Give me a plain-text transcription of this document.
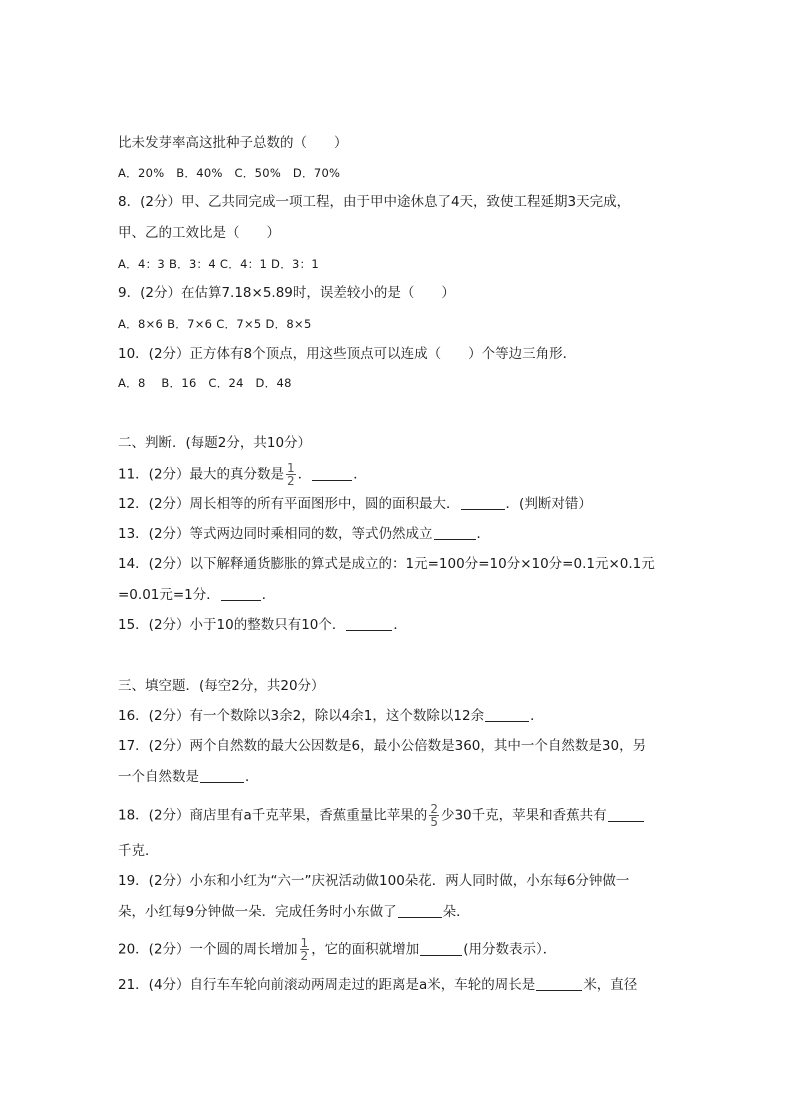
比未发芽率高这批种子总数的（　　）
A．20%　B．40%　C．50%　D．70%
8．(2分）甲、乙共同完成一项工程，由于甲中途休息了4天，致使工程延期3天完成，
甲、乙的工效比是（　　）
A．4：3 B．3：4 C．4：1 D．3：1
9．(2分）在估算7.18×5.89时，误差较小的是（　　）
A．8×6 B．7×6 C．7×5 D．8×5
10．(2分）正方体有8个顶点，用这些顶点可以连成（　　）个等边三角形．
A．8　 B．16　C．24　D．48
二、判断．(每题2分，共10分）
11．(2分）最大的真分数是 $\frac{1}{2}$ ．	．
12．(2分）周长相等的所有平面图形中，圆的面积最大．	．(判断对错）
13．(2分）等式两边同时乘相同的数，等式仍然成立	．
14．(2分）以下解释通货膨胀的算式是成立的：1元=100分=10分×10分=0.1元×0.1元
=0.01元=1分．	．
15．(2分）小于10的整数只有10个．	．
三、填空题．(每空2分，共20分）
16．(2分）有一个数除以3余2，除以4余1，这个数除以12余	．
17．(2分）两个自然数的最大公因数是6，最小公倍数是360，其中一个自然数是30，另
一个自然数是	．
18．(2分）商店里有a千克苹果，香蕉重量比苹果的 $\frac{2}{5}$ 少30千克，苹果和香蕉共有
千克．
19．(2分）小东和小红为“六一”庆祝活动做100朵花．两人同时做，小东每6分钟做一
朵，小红每9分钟做一朵．完成任务时小东做了	朵．
20．(2分）一个圆的周长增加 $\frac{1}{2}$ ，它的面积就增加	(用分数表示）．
21．(4分）自行车车轮向前滚动两周走过的距离是a米，车轮的周长是	米，直径
